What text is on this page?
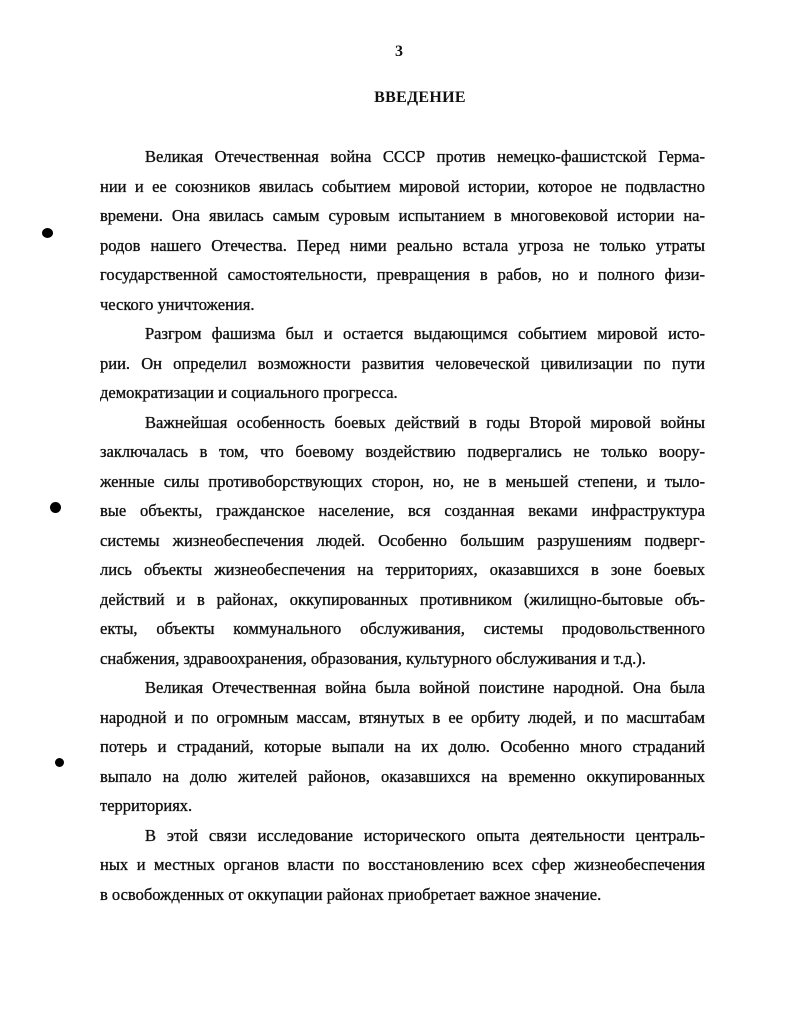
3
ВВЕДЕНИЕ
Великая Отечественная война СССР против немецко-фашистской Герма-
нии и ее союзников явилась событием мировой истории, которое не подвластно
времени. Она явилась самым суровым испытанием в многовековой истории на-
родов нашего Отечества. Перед ними реально встала угроза не только утраты
государственной самостоятельности, превращения в рабов, но и полного физи-
ческого уничтожения.
Разгром фашизма был и остается выдающимся событием мировой исто-
рии. Он определил возможности развития человеческой цивилизации по пути
демократизации и социального прогресса.
Важнейшая особенность боевых действий в годы Второй мировой войны
заключалась в том, что боевому воздействию подвергались не только воору-
женные силы противоборствующих сторон, но, не в меньшей степени, и тыло-
вые объекты, гражданское население, вся созданная веками инфраструктура
системы жизнеобеспечения людей. Особенно большим разрушениям подверг-
лись объекты жизнеобеспечения на территориях, оказавшихся в зоне боевых
действий и в районах, оккупированных противником (жилищно-бытовые объ-
екты, объекты коммунального обслуживания, системы продовольственного
снабжения, здравоохранения, образования, культурного обслуживания и т.д.).
Великая Отечественная война была войной поистине народной. Она была
народной и по огромным массам, втянутых в ее орбиту людей, и по масштабам
потерь и страданий, которые выпали на их долю. Особенно много страданий
выпало на долю жителей районов, оказавшихся на временно оккупированных
территориях.
В этой связи исследование исторического опыта деятельности централь-
ных и местных органов власти по восстановлению всех сфер жизнеобеспечения
в освобожденных от оккупации районах приобретает важное значение.
